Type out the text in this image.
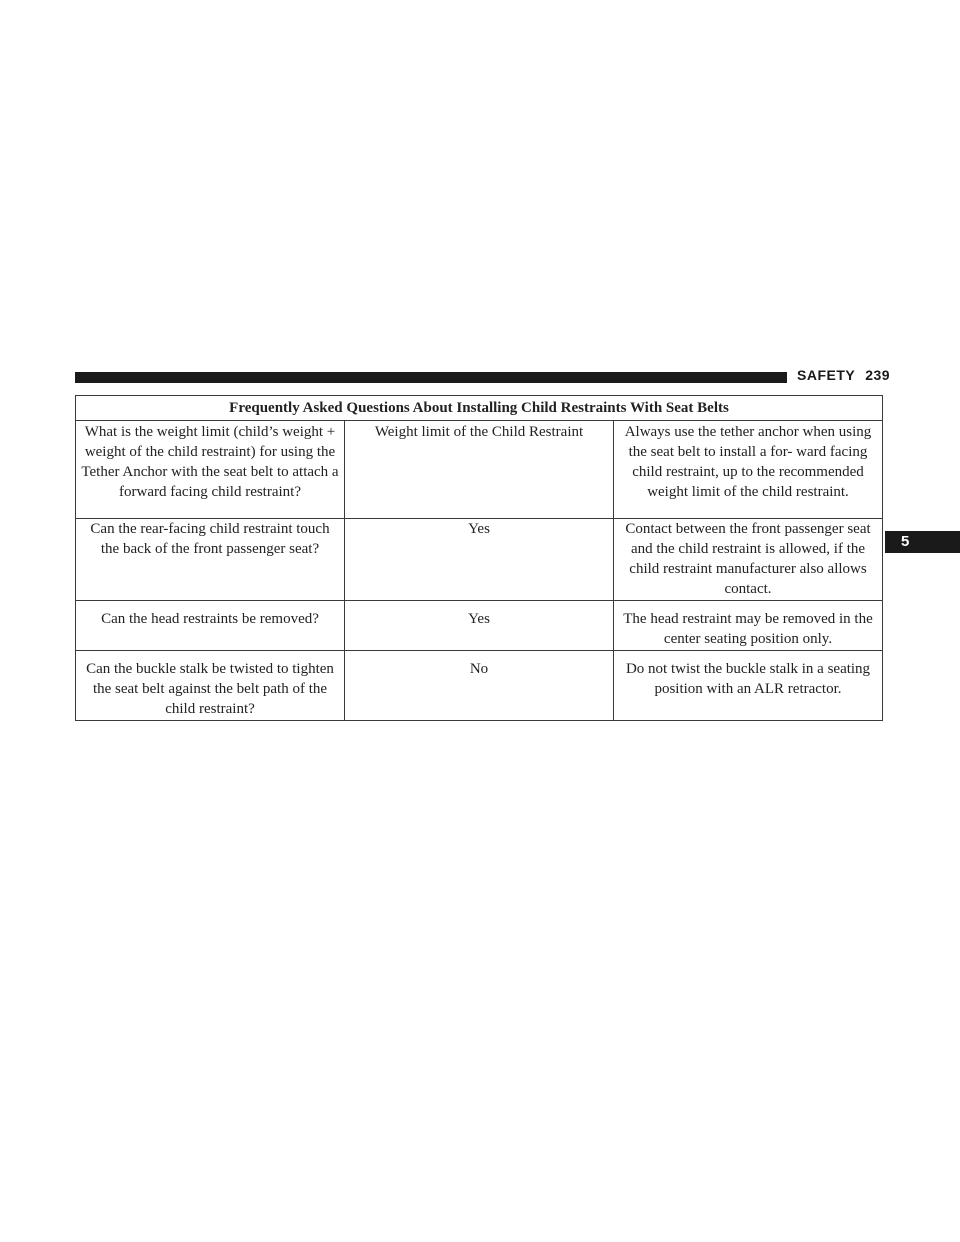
SAFETY 239
5
Frequently Asked Questions About Installing Child Restraints With Seat Belts		
What is the weight limit (child’s weight + weight of the child restraint) for using the Tether Anchor with the seat belt to attach a forward facing child restraint?	Weight limit of the Child Restraint	Always use the tether anchor when using the seat belt to install a for- ward facing child restraint, up to the recommended weight limit of the child restraint.
Can the rear-facing child restraint touch the back of the front passenger seat?	Yes	Contact between the front passenger seat and the child restraint is allowed, if the child restraint manufacturer also allows contact.
Can the head restraints be removed?	Yes	The head restraint may be removed in the center seating position only.
Can the buckle stalk be twisted to tighten the seat belt against the belt path of the child restraint?	No	Do not twist the buckle stalk in a seating position with an ALR retractor.
